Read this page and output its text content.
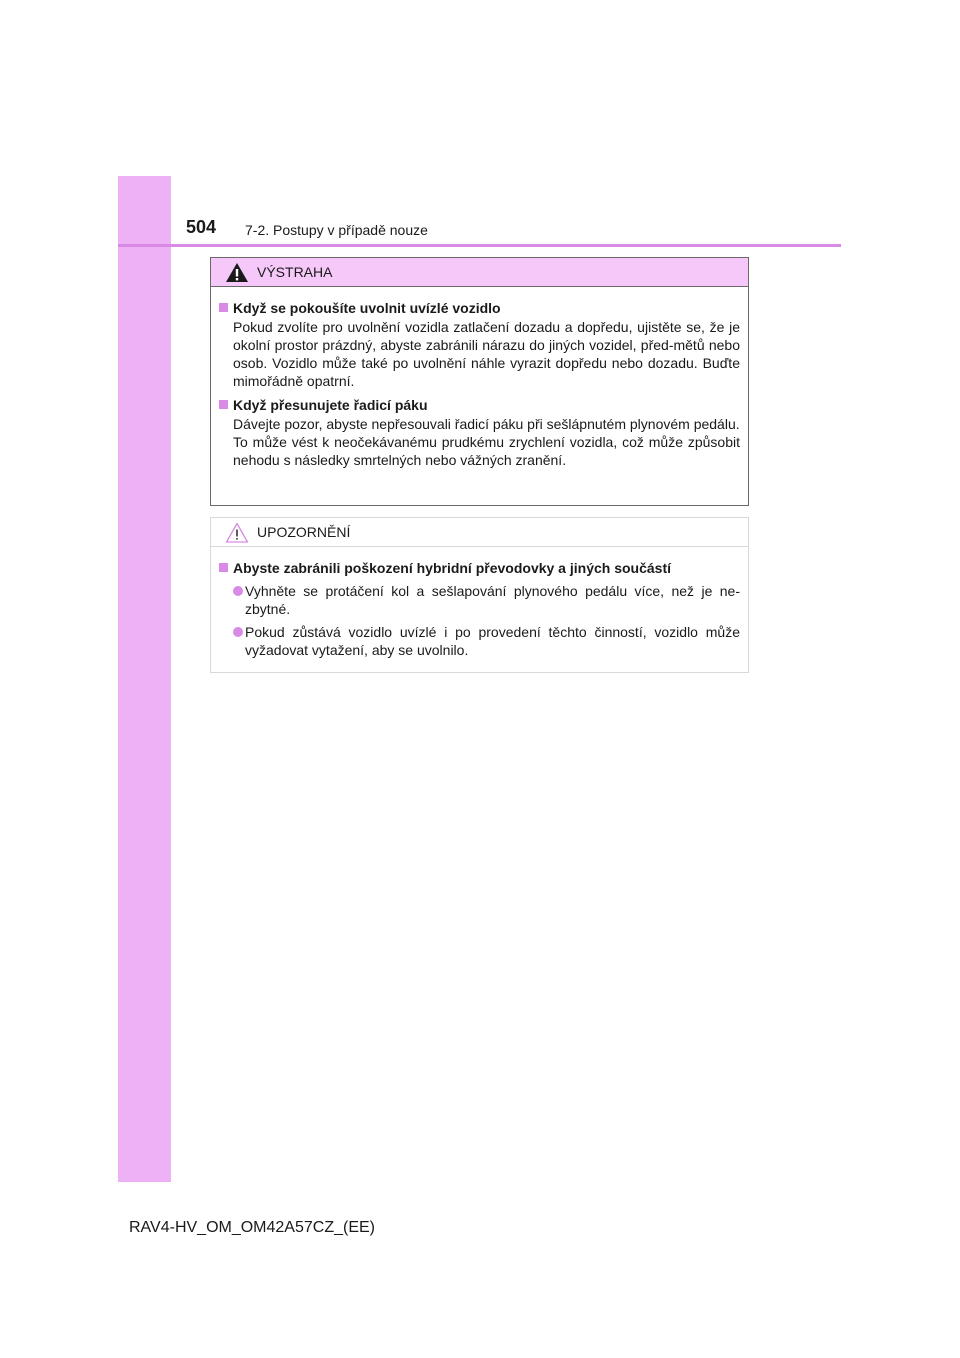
504 7-2. Postupy v případě nouze
VÝSTRAHA
Když se pokoušíte uvolnit uvízlé vozidlo
Pokud zvolíte pro uvolnění vozidla zatlačení dozadu a dopředu, ujistěte se, že je okolní prostor prázdný, abyste zabránili nárazu do jiných vozidel, před-mětů nebo osob. Vozidlo může také po uvolnění náhle vyrazit dopředu nebo dozadu. Buďte mimořádně opatrní.
Když přesunujete řadicí páku
Dávejte pozor, abyste nepřesouvali řadicí páku při sešlápnutém plynovém pedálu.
To může vést k neočekávanému prudkému zrychlení vozidla, což může způsobit nehodu s následky smrtelných nebo vážných zranění.
UPOZORNĚNÍ
Abyste zabránili poškození hybridní převodovky a jiných součástí
Vyhněte se protáčení kol a sešlapování plynového pedálu více, než je ne-zbytné.
Pokud zůstává vozidlo uvízlé i po provedení těchto činností, vozidlo může vyžadovat vytažení, aby se uvolnilo.
RAV4-HV_OM_OM42A57CZ_(EE)
